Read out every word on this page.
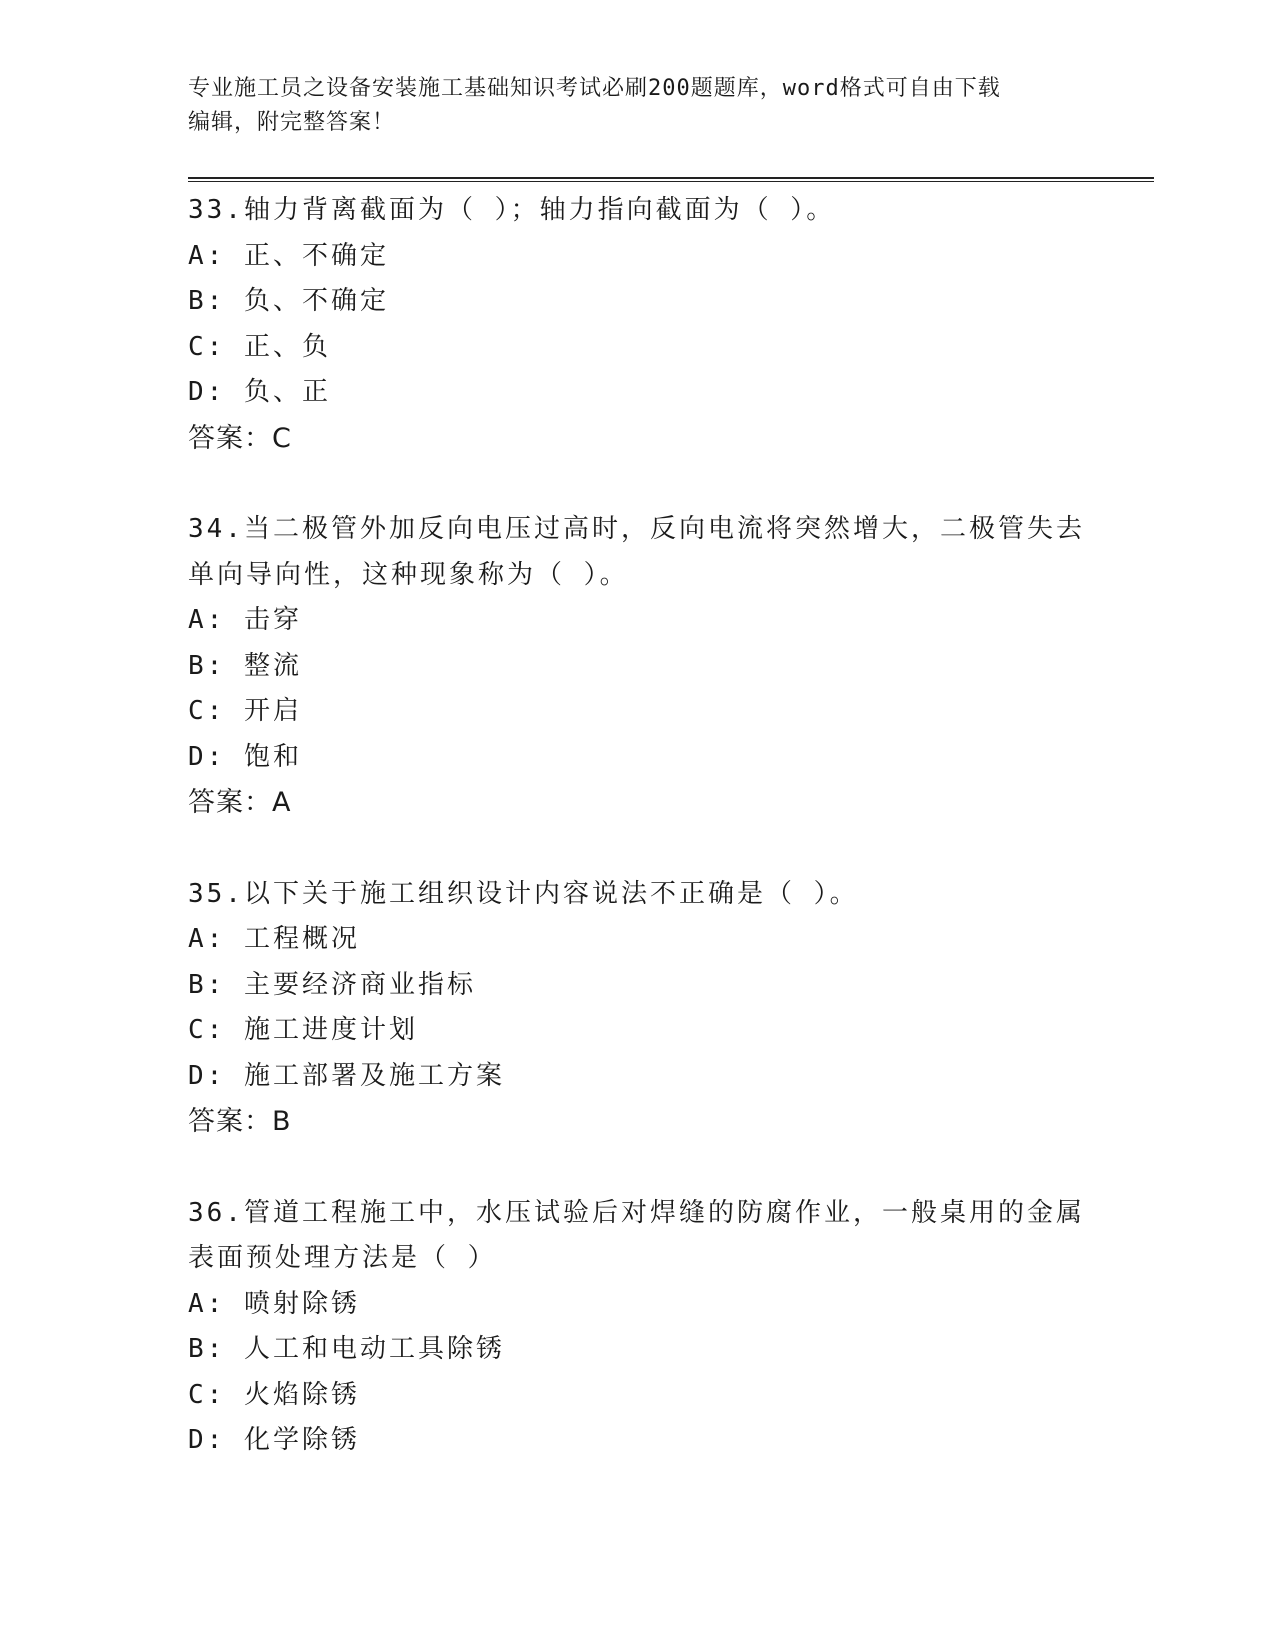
专业施工员之设备安装施工基础知识考试必刷200题题库，word格式可自由下载
编辑，附完整答案！
33.轴力背离截面为（ ）；轴力指向截面为（ ）。
A: 正、不确定
B: 负、不确定
C: 正、负
D: 负、正
答案：C
34.当二极管外加反向电压过高时，反向电流将突然增大，二极管失去
单向导向性，这种现象称为（ ）。
A: 击穿
B: 整流
C: 开启
D: 饱和
答案：A
35.以下关于施工组织设计内容说法不正确是（ ）。
A: 工程概况
B: 主要经济商业指标
C: 施工进度计划
D: 施工部署及施工方案
答案：B
36.管道工程施工中，水压试验后对焊缝的防腐作业，一般桌用的金属
表面预处理方法是（ ）
A: 喷射除锈
B: 人工和电动工具除锈
C: 火焰除锈
D: 化学除锈
